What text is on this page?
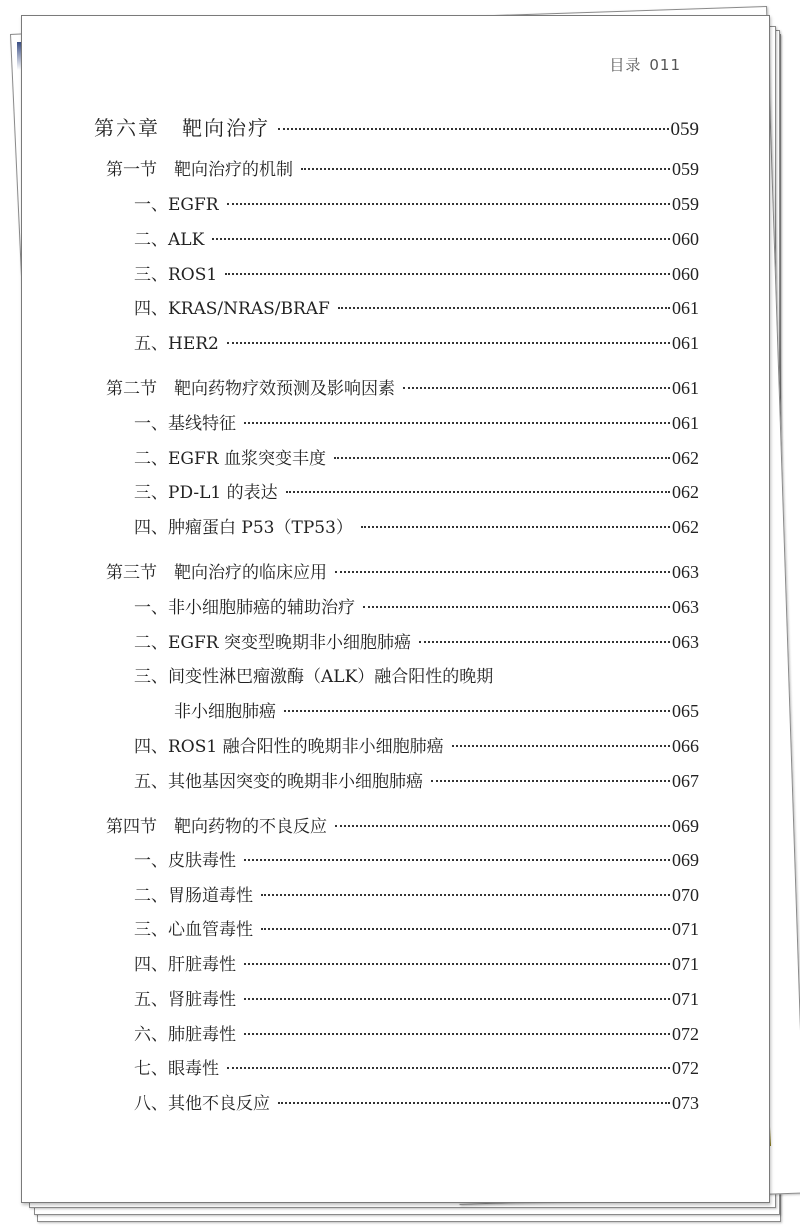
目录 011
第六章　靶向治疗	059
第一节　靶向治疗的机制	059
一、EGFR	059
二、ALK	060
三、ROS1	060
四、KRAS/NRAS/BRAF	061
五、HER2	061
第二节　靶向药物疗效预测及影响因素	061
一、基线特征	061
二、EGFR 血浆突变丰度	062
三、PD-L1 的表达	062
四、肿瘤蛋白 P53（TP53）	062
第三节　靶向治疗的临床应用	063
一、非小细胞肺癌的辅助治疗	063
二、EGFR 突变型晚期非小细胞肺癌	063
三、间变性淋巴瘤激酶（ALK）融合阳性的晚期
非小细胞肺癌	065
四、ROS1 融合阳性的晚期非小细胞肺癌	066
五、其他基因突变的晚期非小细胞肺癌	067
第四节　靶向药物的不良反应	069
一、皮肤毒性	069
二、胃肠道毒性	070
三、心血管毒性	071
四、肝脏毒性	071
五、肾脏毒性	071
六、肺脏毒性	072
七、眼毒性	072
八、其他不良反应	073
